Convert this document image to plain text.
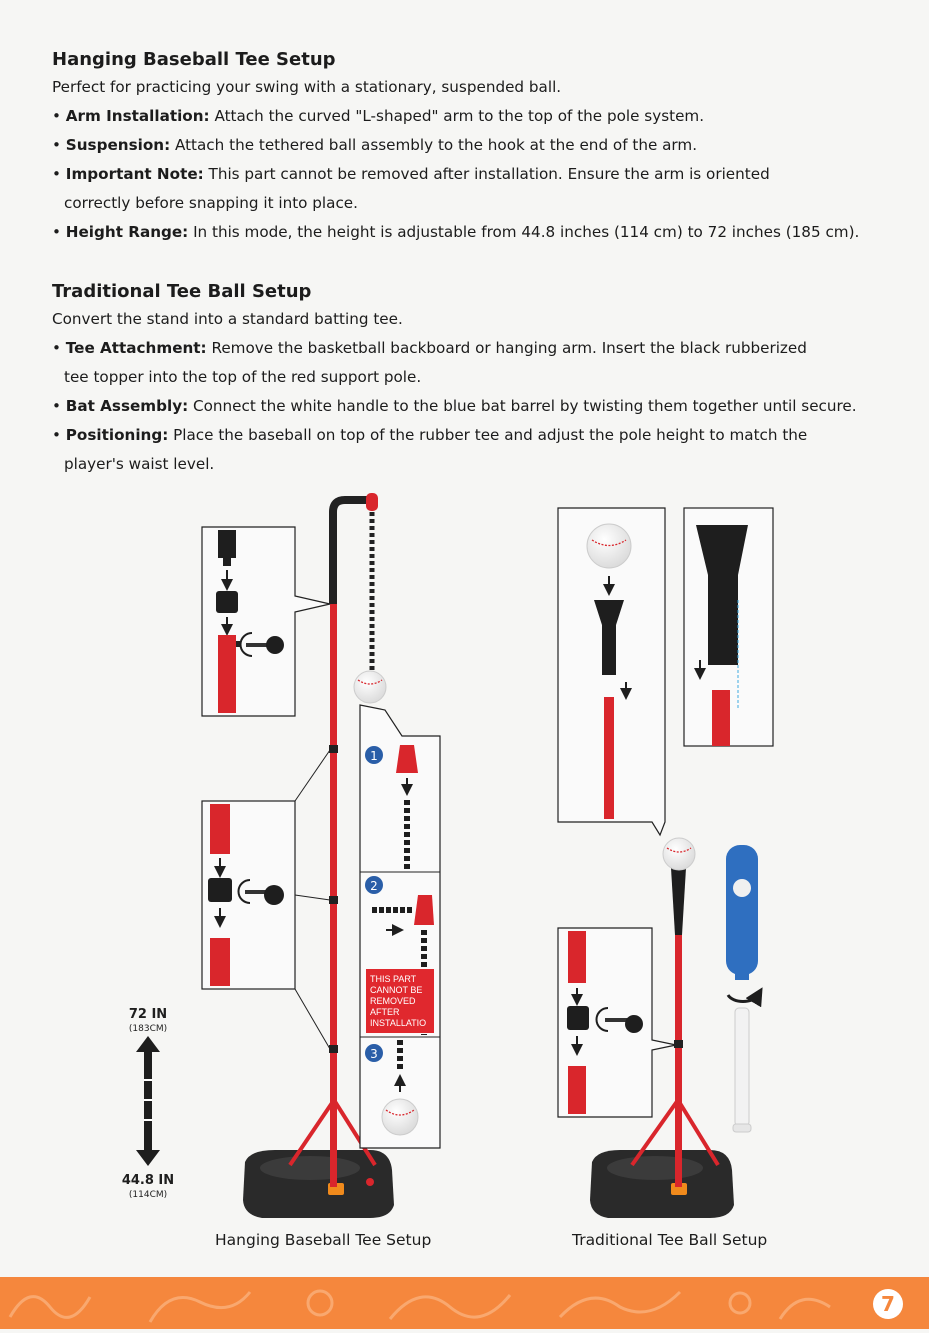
Hanging Baseball Tee Setup
Perfect for practicing your swing with a stationary, suspended ball.
• Arm Installation: Attach the curved "L-shaped" arm to the top of the pole system.
• Suspension: Attach the tethered ball assembly to the hook at the end of the arm.
• Important Note: This part cannot be removed after installation. Ensure the arm is oriented
correctly before snapping it into place.
• Height Range: In this mode, the height is adjustable from 44.8 inches (114 cm) to 72 inches (185 cm).
Traditional Tee Ball Setup
Convert the stand into a standard batting tee.
• Tee Attachment: Remove the basketball backboard or hanging arm. Insert the black rubberized
tee topper into the top of the red support pole.
• Bat Assembly: Connect the white handle to the blue bat barrel by twisting them together until secure.
• Positioning: Place the baseball on top of the rubber tee and adjust the pole height to match the
player's waist level.
THIS PART
CANNOT BE
REMOVED
AFTER
INSTALLATIO
1
2
3
72 IN
(183CM)
44.8 IN
(114CM)
Hanging Baseball Tee Setup	Traditional Tee Ball Setup
7
